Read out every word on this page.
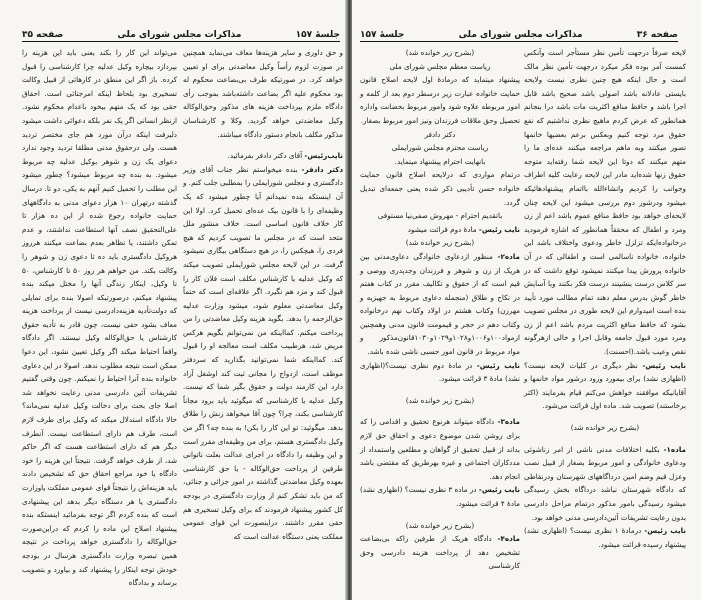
جلسهٔ ۱۵۷
مذاکرات مجلس شورای ملی
صفحه ۳۵

و حق داوری و سایر هزینه‌ها معاف می‌نماید همچنین در صورت لزوم رأساً وکیل معاضدتی برای او تعیین خواهد کرد. در صورتیکه طرف بی‌بضاعت محکوم له بود محکوم علیه اگر بضاعت داشته‌باشد بموجب رأی دادگاه ملزم بپرداخت هزینه های مذکور وحق‌الوکاله وکیل معاضدتی خواهد گردید. وکلا و کارشناسان مذکور مکلف بانجام دستور دادگاه میباشند.

نایب‌رئیس- آقای دکتر دادفر بفرمائید.

دکتر دادفر- بنده میخواستم نظر جناب آقای وزیر دادگستری و مجلس شورایملی را بمطلبی جلب کنم. و آن اینستکه بنده نمیدانم آیا چطور میشود که یک وظیفه‌ای را با قانون بیک عده‌ای تحمیل کرد. اولا این کار خلاف قانون اساسی است. خلاف منشور ملل متحد است که در مجلس ما تصویب کردیم که هیچ فردی را، هیچکس را، در هیچ دستگاهی بیگاری نمیشود گرفت. در این لایحه مجلس شورایملی تصویب میکند که وکیل عدلیه یا کارشناس مکلف است فلان کار را قبول کند و مزد هم نگیرد. اگر علاقه‌ای است که حتماً وکیل معاضدتی معلوم شود، میشود وزارت عدلیه حق‌الزحمه را بدهد. بگوید هزینه وکیل معاضدتی را من پرداخت میکنم. کمااینکه من نمی‌توانم بگویم هرکس مریض شد، هرطبیب مکلف است معالجه او را قبول کند. کمااینکه شما نمی‌توانید بگذارید که سردفتر موظف است، ازدواج را مجانی ثبت کند اوشغل آزاد دارد این کارمند دولت و حقوق بگیر شما که نیست. وکیل عدلیه یا کارشناسی که میگوئید باید برود مجاناً کارشناسی بکند، چرا؟ چون آقا میخواهد زنش را طلاق بدهد. میگوئید: تو این کار را بکن! به بنده چه؟ اگر من وکیل دادگستری هستم، برای من وظیفه‌ای مقرر است و این وظیفه را دادگاه در اجرای عدالت بعلت ناتوانی طرفین از پرداخت حق‌الوکاله - یا حق کارشناسی بعهده وکیل معاضدتی گذاشته در امور جزائی و جنائی، که من باید تشکر کنم از وزارت دادگستری در بودجه کل کشور پیشنهاد فرمودند که برای وکیل تسخیری هم حقی مقرر داشتند. دراینصورت این قوای عمومی مملکت یعنی دستگاه عدالت است که

می‌تواند این کار را بکند یعنی باید این هزینه را بپردازد بیچاره وکیل عدلیه چرا کارشناسی را قبول کرده. باز اگر این منطق در کارهائی از قبیل وکالت تسخیری بود بلحاظ اینکه امرجنائی است. احقاق حقی بود که یک متهم بیخود باعدام محکوم نشود. ازنظر انسانی اگر یک نفر بلکه دعوائی داشت میشود دلیرفت اینکه درآن مورد هم جای مختصر تردید هست. ولی درحقوق مدنی مطلقا تردید وجود ندارد دعوای یک زن و شوهر بوکیل عدلیه چه مربوط میشود. به بنده چه مربوط میشود؟ چطور میشود این مطلب را تحمیل کنیم آنهم به یکی، دو تا. درسال گذشته درتهران ۱۰ هزار دعوای مدنی به دادگاههای حمایت خانواده رجوع شده از این ده هزار تا علی‌التحقیق نصف آنها استطاعت نداشتند، و عدم تمکن داشتند، یا تظاهر بعدم بضاعت میکنند هرروز هروکیل دادگستری باید ده تا دعوی زن و شوهر را وکالت بکند. من خواهم هر روز ۵۰ تا کارشناس، ۵۰ تا وکیل، اینکار زندگی آنها را مختل میکند بنده پیشنهاد میکنم، درصورتیکه اصولا بنده برای تمایلی که دولت‌تأدیه هزینه‌دادرسی نیست از پرداخت هزینه معاف بشود حقی نیست، چون قادر به تأدیه حقوق کارشناس یا حق‌الوکاله وکیل نیستند. اگر دادگاه واقعاً احتیاط میکند اگر وکیل تعیین نشود، این دعوا ممکن است نتیجه مطلوب ندهد. اصولا در این دعاوی خانواده بنده آنرا احتیاط را نمیکنم. چون وقتی گفتیم تشریفات آئین دادرسی مدنی رعایت نخواهد شد اصلا جای بحث برای دخالت وکیل عدلیه نمی‌ماند؟ حالا دادگاه استدلال میکند که وکیل برای طرف لازم است، طرف هم دارای استطاعت نیست. آنطرف دیگر هم که دارای استطاعت هست که اگر حاکم شد، از طرف خواهد گرفت. نتیجتاً این هزینه را خود دادگاه یا خود مراجع احقاق حق که تشخیص دادند باید هزینه‌اش را نتیجتاً قوای عمومی مملکت یاوزارت دادگستری یا هر دستگاه دیگر بدهد این پیشنهادی است که بنده کردم اگر توجه بفرمائید اینستکه بنده پیشنهاد اصلاح این ماده را کردم که دراین‌صورت حق‌الوکاله را دادگستری خواهد پرداخت در نتیجه همین تبصره وزارت دادگستری هرسال در بودجه خودش توجه اینکار را پیشنهاد کند و بیاورد و بتصویب برساند و بدادگاه

صفحه ۳۶
مذاکرات مجلس شورای ملی
جلسهٔ ۱۵۷

لایحه صرفاً درجهت تأمین نظر مستأجر است وآنکس کمست آمر بوده فکر میکرد درجهت تأمین نظر مالک است و حال اینکه هیچ چنین نظری نیست ولایحه بایستی عادلانه باشد اصولی باشد صحیح باشد قابل اجرا باشد و حافظ منافع اکثریت مات باشد درا بنجانم همانطور که عرض کردم ماهیچ نظری نداشتیم که نفع حقوق مرد توجه کنیم وبعکس برعم بعضیها خانمها تصور میکنند وبه ماهم مراجعه میکنند عده‌ای ما را متهم میکنند که دوتا این لایحه شما رفته‌اید متوجه حقوق زنها شده‌اید مادر این لایحه رعایت کلیه اطراف وجوانب را کردیم وانشاءالله بااتمام پیشنهادهائیکه میشود ودرشور دوم بررسی میشود این لایحه چنان لایحه‌ای خواهد بود حافظ منافع عموم باشد اعم از زن ومرد و اطفال که محققاً همانطور که اشاره فرمودید درخانواده‌ایکه تزلزل خاطر ودعوی واختلاف باشد این خانواده، خانواده ناسالمی است و اطفالی که در آن خانواده پرورش پیدا میکنند نمیشود توقع داشت که در سر کلاس درست بنشینند درست فکر بکنند وبا آسایش خاطر گوش بدرس معلم دهند تمام مطالب مورد تأیید بنده است امیدوارم این لایحه طوری در مجلس تصویب بشود که حافظ منافع اکثریت مردم باشد اعم از زن ومرد مورد قبول جامعه وقابل اجرا و خالی ازهرگونه نقص وعیب باشد.(احسنت).

نایب رئیس- نظر دیگری در کلیات لایحه نیست؟ (اظهاری نشد) برای بیمورد ورود درشور مواد خانمها و آقایانیکه موافقند خواهش می‌کنم قیام بفرمایند (اکثر برخاستند) تصویب شد. ماده اول قرائت می‌شود.

(بشرح زیر خوانده شد)

ماده۱- بکلیه اختلافات مدنی ناشی از امر زناشوئی ودعاوی خانوادگی و امور مربوط بصغار از قبیل نصب وعزل قیم وضم امین درداگاههای شهرستان ودرنقاطی که دادگاه شهرستان نباشد درداگاه بخش رسیدگی میشود رسیدگی بامور مذکور درتمام مراحل دادرسی بدون رعایت تشریفات آئین‌دادرسی مدنی خواهد بود.

نایب رئیس- درمادهٔ ۱ نظری نیست؟ (اظهاری نشد) پیشنهاد رسیده قرائت میشود.

(بشرح زیر خوانده شد)

ریاست معظم مجلس شورای ملی

پیشنهاد مینماید که درمادهٔ اول لایحه اصلاح قانون حمایت خانواده عبارت زیر درسطر دوم بعد از کلمه و امور مربوطه علاوه شود وامور مربوط بحضانت واداره تحصیل وحق ملاقات فرزندان ونیز امور مربوط بصغار.

دکتر دادفر

ریاست محترم مجلس شورایملی

بانهایت احترام پیشنهاد مینماید.

درتمام مواردی که درلایحه اصلاح قانون حمایت خانواده حسن تأدیبی ذکر شده یعنی جمعه‌ای تبدیل گردد.

باتقدیم احترام - مهروش صفی‌نیا مستوفی

نایب رئیس- مادهٔ دوم قرائت میشود

(بشرح زیر خوانده شد)

ماده۲- منظور ازدعاوی خانوادگی دعاوی‌مدنی بین هریک از زن و شوهر و فرزندان وجدپدری ووصی و قیم است که از حقوق و تکالیف مقرر در کتاب هفتم در نکاح و طلاق (منجمله دعاوی مربوط به جهیزیه و مهرزن) وکتاب هشتم در اولاد وکتاب نهم درخانواده وکتاب دهم در حجر و قیمومت قانون مدنی وهمچنین ازمواد۱۰۰و۱۰۰۶و۱۰۲۸و۱۰۲۹و۱۰۳۰قانون‌مذکور و مواد مربوط در قانون امور حسبی ناشی شده باشد.

نایب رئیس- در مادهٔ دوم نظری نیست؟(اظهاری نشد) مادهٔ ۳ قرائت میشود.

(بشرح زیر خوانده شد)

ماده۳- دادگاه میتواند هرنوع تحقیق و اقدامی را که برای روشن شدن موضوع دعوی و احقاق حق لازم بداند از قبیل تحقیق از گواهان و مطلعین واستمداد از مددکاران اجتماعی و غیره بهرطریق که مقتضی باشد انجام دهد.

نایب رئیس- در ماده ۳ نظری نیست؟ (اظهاری نشد) مادهٔ ۴ قرائت میشود.

(بشرح زیر خوانده شد)

ماده۴- دادگاه هریک از طرفین راکه بی‌بضاعت تشخیص دهد از پرداخت هزینه دادرسی وحق کارشناسی
